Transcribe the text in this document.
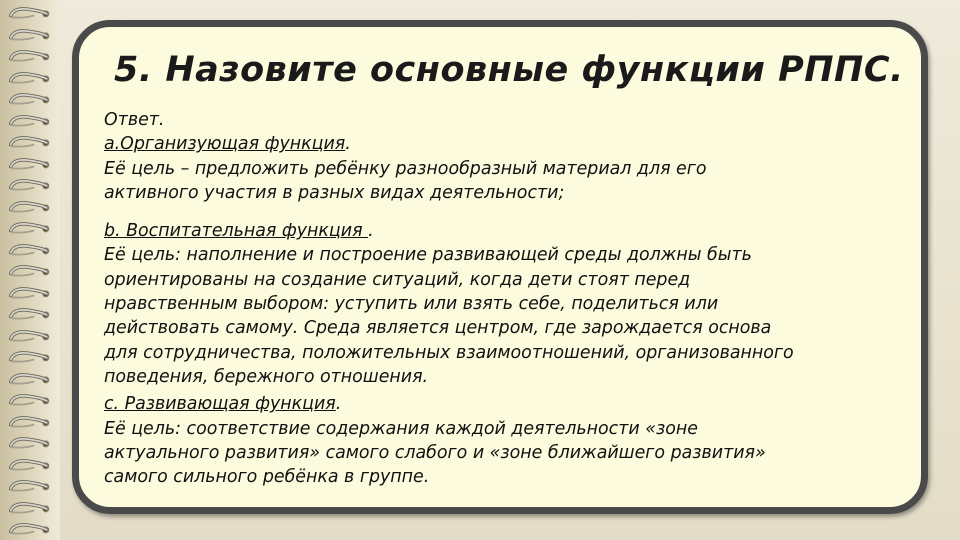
5. Назовите основные функции РППС.

Ответ.

а.Организующая функция.

Её цель – предложить ребёнку разнообразный материал для его

активного участия в разных видах деятельности;

b. Воспитательная функция .

Её цель: наполнение и построение развивающей среды должны быть

ориентированы на создание ситуаций, когда дети стоят перед

нравственным выбором: уступить или взять себе, поделиться или

действовать самому. Среда является центром, где зарождается основа

для сотрудничества, положительных взаимоотношений, организованного

поведения, бережного отношения.

c. Развивающая функция.

Её цель: соответствие содержания каждой деятельности «зоне

актуального развития» самого слабого и «зоне ближайшего развития»

самого сильного ребёнка в группе.
